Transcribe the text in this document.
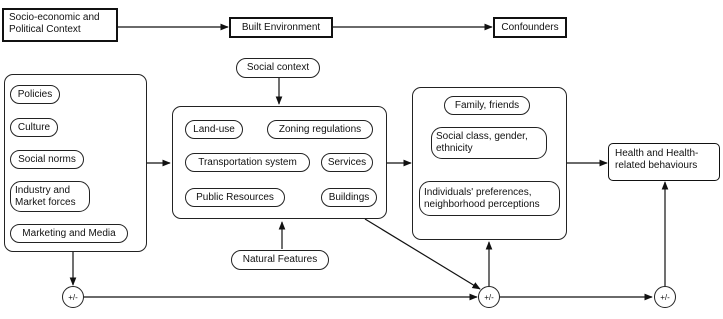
Socio-economic and Political Context	Built Environment	Confounders
Policies
Culture
Social norms
Industry and Market forces
Marketing and Media
Social context
Land-use	Zoning regulations
Transportation system	Services
Public Resources	Buildings
Natural Features
Family, friends
Social class, gender, ethnicity
Individuals' preferences, neighborhood perceptions
Health and Health-related behaviours
+/-	+/-	+/-
